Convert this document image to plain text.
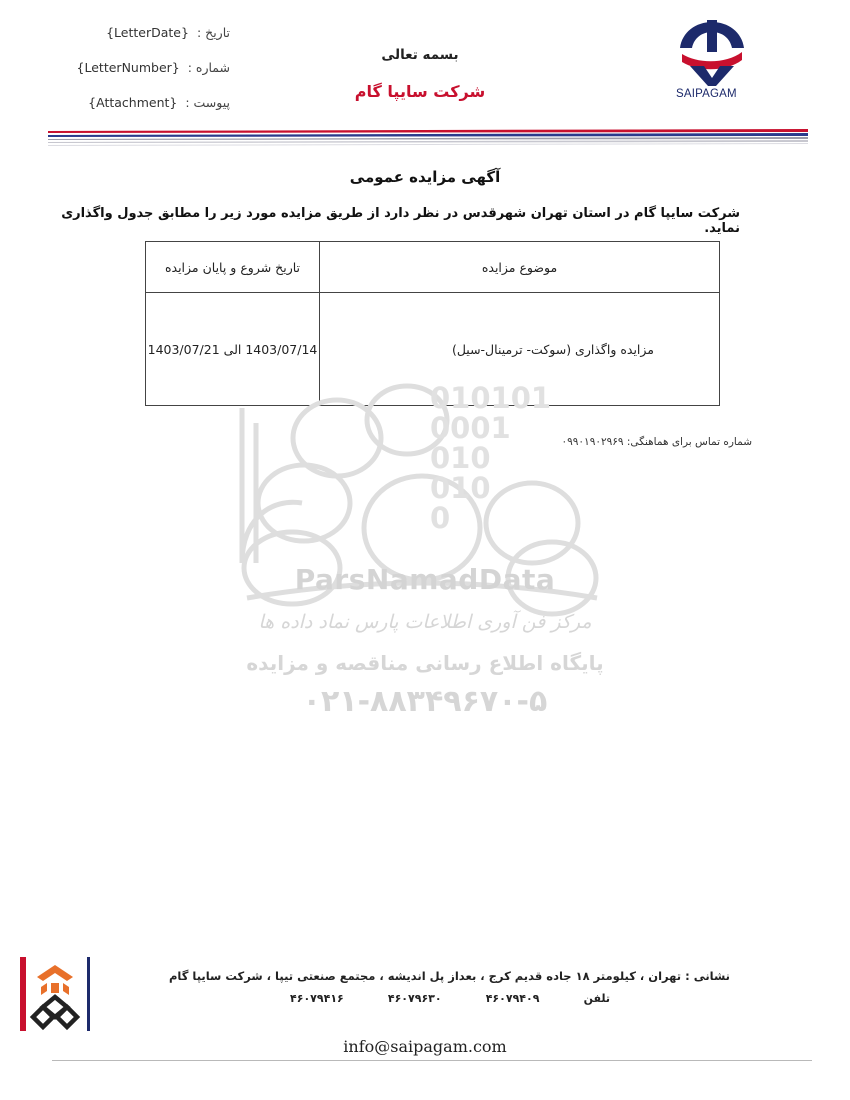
تاریخ : {LetterDate}
شماره : {LetterNumber}
پیوست : {Attachment}
بسمه تعالی
شرکت سایپا گام	SAIPAGAM
آگهی مزایده عمومی
شرکت سایپا گام در استان تهران شهرقدس در نظر دارد از طریق مزایده مورد زیر را مطابق جدول واگذاری نماید.
موضوع مزایده	تاریخ شروع و پایان مزایده
مزایده واگذاری (سوکت- ترمینال-سیل)	1403/07/14 الی 1403/07/21
شماره تماس برای هماهنگی: ۰۹۹۰۱۹۰۲۹۶۹
010101
0001
010
010
0
ParsNamadData
مرکز فن آوری اطلاعات پارس نماد داده ها
پایگاه اطلاع رسانی مناقصه و مزایده
۰۲۱-۸۸۳۴۹۶۷۰-۵
نشانی : تهران ، کیلومتر ۱۸ جاده قدیم کرج ، بعداز پل اندیشه ، مجتمع صنعتی تیپا ، شرکت سایپا گام
تلفن
۴۶۰۷۹۴۰۹
۴۶۰۷۹۶۳۰
۴۶۰۷۹۴۱۶
info@saipagam.com
